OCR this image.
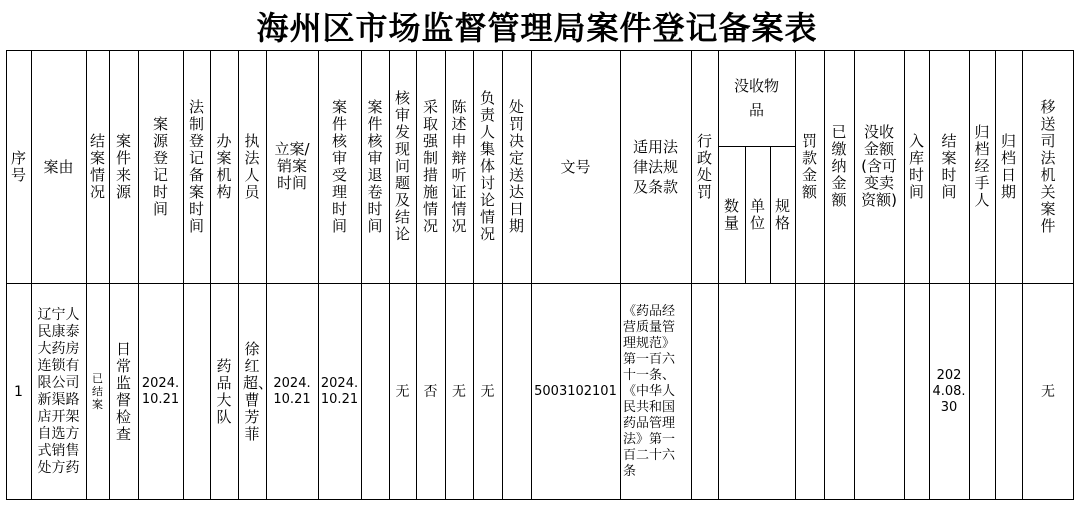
海州区市场监督管理局案件登记备案表
序号 案由
结案情况
案件来源
案源登记时间
法制登记备案时间
办案机构
执法人员
立案/销案时间
案件核审受理时间
案件核审退卷时间
核审发现问题及结论
采取强制措施情况
陈述申辩听证情况
负责人集体讨论情况
处罚决定送达日期
文号
适用法律法规及条款
行政处罚
没收物品
数量
单位
规格
罚款金额
已缴纳金额
没收金额(含可变卖资额)
入库时间
结案时间
归档经手人
归档日期
移送司法机关案件
1
辽宁人民康泰大药房连锁有限公司新渠路店开架自选方式销售处方药
已结案
日常监督检查
2024.10.21
药品大队
徐红超、曹芳菲
2024.10.21
2024.10.21	无 否 无 无	5003102101
《药品经营质量管理规范》第一百六十一条、《中华人民共和国药品管理法》第一百二十六条
2024.08.30
无
